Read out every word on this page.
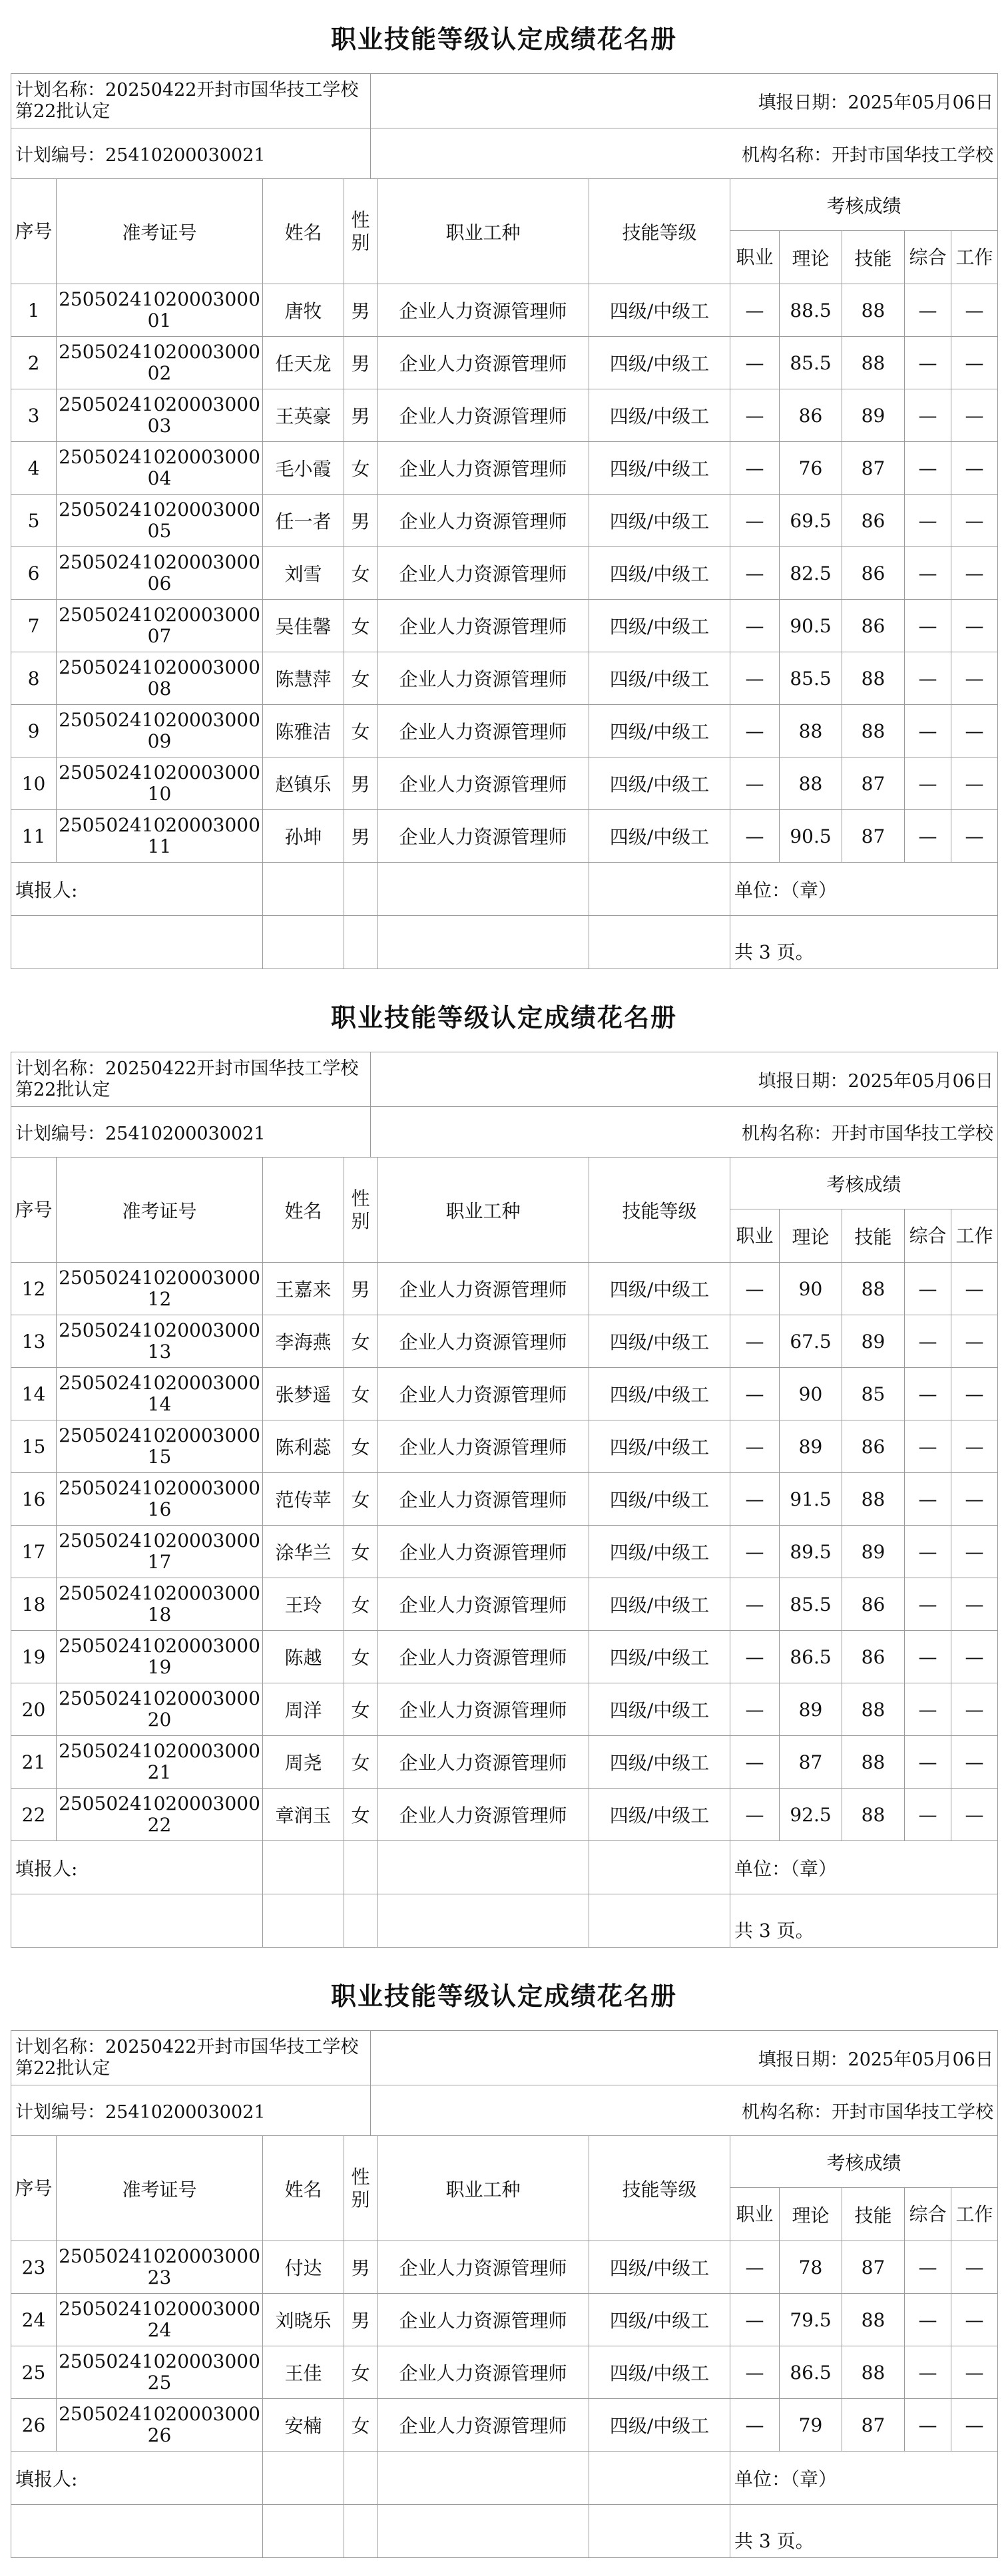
职业技能等级认定成绩花名册
计划名称：20250422开封市国华技工学校第22批认定	填报日期：2025年05月06日
计划编号：25410200030021	机构名称：开封市国华技工学校
序号	准考证号	姓名	性别	职业工种	技能等级	考核成绩				
						职业	理论	技能	综合	工作
1	2505024102000300001	唐牧	男	企业人力资源管理师	四级/中级工	—	88.5	88	—	—
2	2505024102000300002	任天龙	男	企业人力资源管理师	四级/中级工	—	85.5	88	—	—
3	2505024102000300003	王英豪	男	企业人力资源管理师	四级/中级工	—	86	89	—	—
4	2505024102000300004	毛小霞	女	企业人力资源管理师	四级/中级工	—	76	87	—	—
5	2505024102000300005	任一者	男	企业人力资源管理师	四级/中级工	—	69.5	86	—	—
6	2505024102000300006	刘雪	女	企业人力资源管理师	四级/中级工	—	82.5	86	—	—
7	2505024102000300007	吴佳馨	女	企业人力资源管理师	四级/中级工	—	90.5	86	—	—
8	2505024102000300008	陈慧萍	女	企业人力资源管理师	四级/中级工	—	85.5	88	—	—
9	2505024102000300009	陈雅洁	女	企业人力资源管理师	四级/中级工	—	88	88	—	—
10	2505024102000300010	赵镇乐	男	企业人力资源管理师	四级/中级工	—	88	87	—	—
11	2505024102000300011	孙坤	男	企业人力资源管理师	四级/中级工	—	90.5	87	—	—
填报人:						单位：（章）				
						共 3 页。				
职业技能等级认定成绩花名册
计划名称：20250422开封市国华技工学校第22批认定	填报日期：2025年05月06日
计划编号：25410200030021	机构名称：开封市国华技工学校
序号	准考证号	姓名	性别	职业工种	技能等级	考核成绩				
						职业	理论	技能	综合	工作
12	2505024102000300012	王嘉来	男	企业人力资源管理师	四级/中级工	—	90	88	—	—
13	2505024102000300013	李海燕	女	企业人力资源管理师	四级/中级工	—	67.5	89	—	—
14	2505024102000300014	张梦遥	女	企业人力资源管理师	四级/中级工	—	90	85	—	—
15	2505024102000300015	陈利蕊	女	企业人力资源管理师	四级/中级工	—	89	86	—	—
16	2505024102000300016	范传苹	女	企业人力资源管理师	四级/中级工	—	91.5	88	—	—
17	2505024102000300017	涂华兰	女	企业人力资源管理师	四级/中级工	—	89.5	89	—	—
18	2505024102000300018	王玲	女	企业人力资源管理师	四级/中级工	—	85.5	86	—	—
19	2505024102000300019	陈越	女	企业人力资源管理师	四级/中级工	—	86.5	86	—	—
20	2505024102000300020	周洋	女	企业人力资源管理师	四级/中级工	—	89	88	—	—
21	2505024102000300021	周尧	女	企业人力资源管理师	四级/中级工	—	87	88	—	—
22	2505024102000300022	章润玉	女	企业人力资源管理师	四级/中级工	—	92.5	88	—	—
填报人:						单位：（章）				
						共 3 页。				
职业技能等级认定成绩花名册
计划名称：20250422开封市国华技工学校第22批认定	填报日期：2025年05月06日
计划编号：25410200030021	机构名称：开封市国华技工学校
序号	准考证号	姓名	性别	职业工种	技能等级	考核成绩				
						职业	理论	技能	综合	工作
23	2505024102000300023	付达	男	企业人力资源管理师	四级/中级工	—	78	87	—	—
24	2505024102000300024	刘晓乐	男	企业人力资源管理师	四级/中级工	—	79.5	88	—	—
25	2505024102000300025	王佳	女	企业人力资源管理师	四级/中级工	—	86.5	88	—	—
26	2505024102000300026	安楠	女	企业人力资源管理师	四级/中级工	—	79	87	—	—
填报人:						单位：（章）				
						共 3 页。				
